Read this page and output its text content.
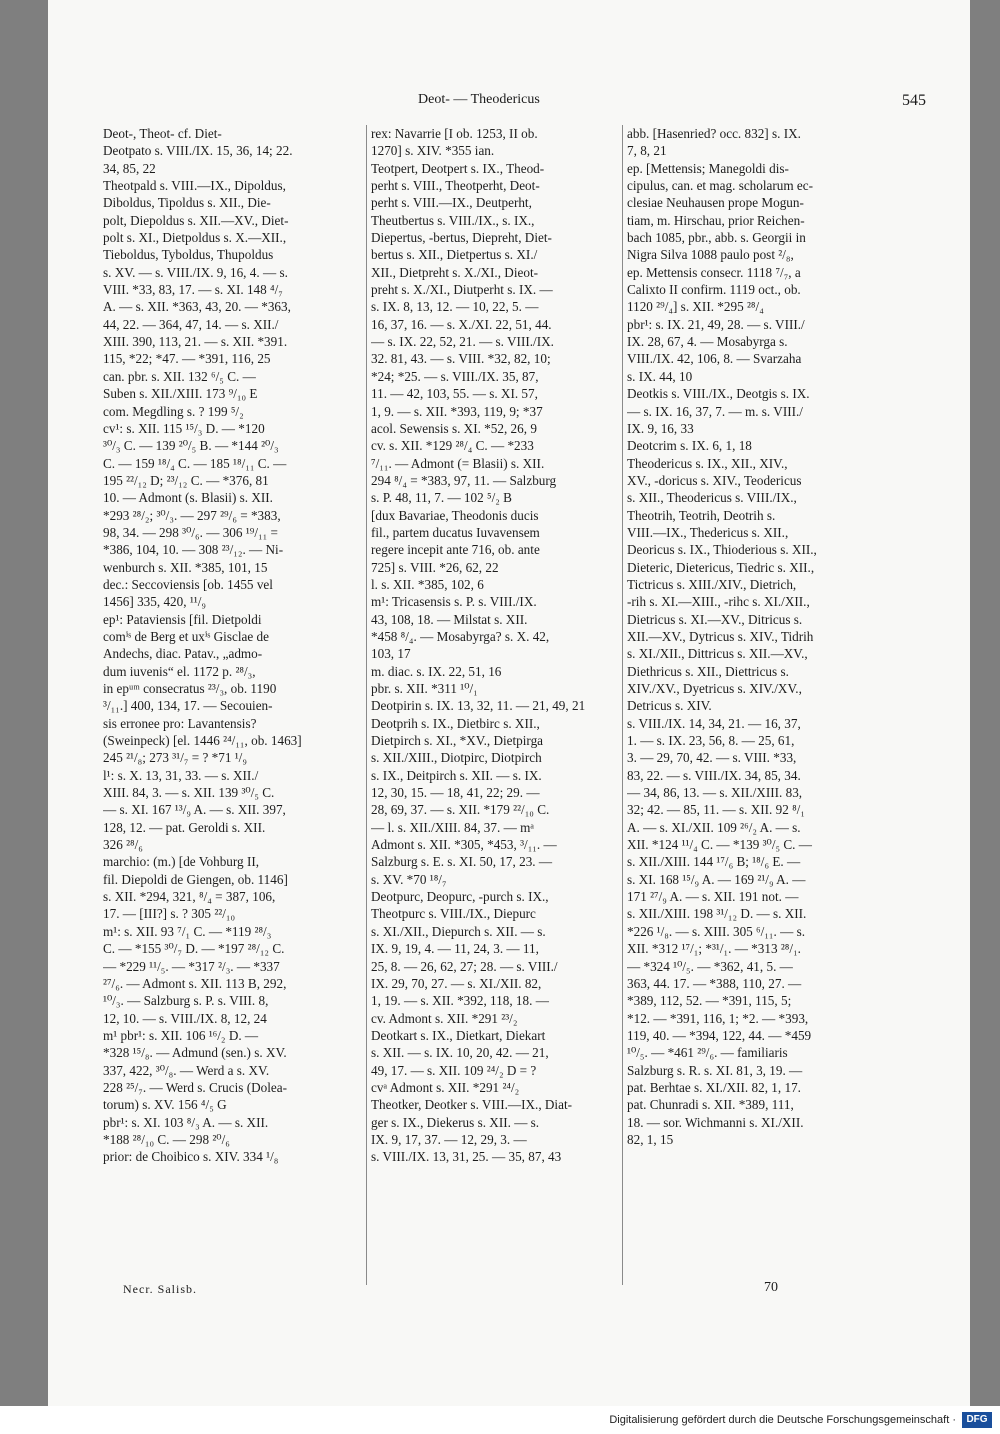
Deot- — Theodericus	545

Deot-, Theot- cf. Diet-

Deotpato s. VIII./IX. 15, 36, 14; 22.

34, 85, 22

Theotpald s. VIII.—IX., Dipoldus,

Diboldus, Tipoldus s. XII., Die-

polt, Diepoldus s. XII.—XV., Diet-

polt s. XI., Dietpoldus s. X.—XII.,

Tieboldus, Tyboldus, Thupoldus

s. XV. — s. VIII./IX. 9, 16, 4. — s.

VIII. *33, 83, 17. — s. XI. 148 ⁴/₇

A. — s. XII. *363, 43, 20. — *363,

44, 22. — 364, 47, 14. — s. XII./

XIII. 390, 113, 21. — s. XII. *391.

115, *22; *47. — *391, 116, 25

can. pbr. s. XII. 132 ⁶/₅ C. —

Suben s. XII./XIII. 173 ⁹/₁₀ E

com. Megdling s. ? 199 ⁵/₂

cv¹: s. XII. 115 ¹⁵/₃ D. — *120

³⁰/₃ C. — 139 ²⁰/₅ B. — *144 ²⁰/₃

C. — 159 ¹⁸/₄ C. — 185 ¹⁸/₁₁ C. —

195 ²²/₁₂ D; ²³/₁₂ C. — *376, 81

10. — Admont (s. Blasii) s. XII.

*293 ²⁸/₂; ³⁰/₃. — 297 ²⁹/₆ = *383,

98, 34. — 298 ³⁰/₆. — 306 ¹⁹/₁₁ =

*386, 104, 10. — 308 ²³/₁₂. — Ni-

wenburch s. XII. *385, 101, 15

dec.: Seccoviensis [ob. 1455 vel

1456] 335, 420, ¹¹/₉

ep¹: Pataviensis [fil. Dietpoldi

comⁱˢ de Berg et uxⁱˢ Gisclae de

Andechs, diac. Patav., „admo-

dum iuvenis“ el. 1172 p. ²⁸/₃,

in epᵘᵐ consecratus ²³/₃, ob. 1190

³/₁₁.] 400, 134, 17. — Secouien-

sis erronee pro: Lavantensis?

(Sweinpeck) [el. 1446 ²⁴/₁₁, ob. 1463]

245 ²¹/₈; 273 ³¹/₇ = ? *71 ¹/₉

l¹: s. X. 13, 31, 33. — s. XII./

XIII. 84, 3. — s. XII. 139 ³⁰/₅ C.

— s. XI. 167 ¹³/₉ A. — s. XII. 397,

128, 12. — pat. Geroldi s. XII.

326 ²⁸/₆

marchio: (m.) [de Vohburg II,

fil. Diepoldi de Giengen, ob. 1146]

s. XII. *294, 321, ⁸/₄ = 387, 106,

17. — [III?] s. ? 305 ²²/₁₀

m¹: s. XII. 93 ⁷/₁ C. — *119 ²⁸/₃

C. — *155 ³⁰/₇ D. — *197 ²⁸/₁₂ C.

— *229 ¹¹/₅. — *317 ²/₃. — *337

²⁷/₆. — Admont s. XII. 113 B, 292,

¹⁰/₃. — Salzburg s. P. s. VIII. 8,

12, 10. — s. VIII./IX. 8, 12, 24

m¹ pbr¹: s. XII. 106 ¹⁶/₂ D. —

*328 ¹⁵/₈. — Admund (sen.) s. XV.

337, 422, ³⁰/₈. — Werd a s. XV.

228 ²⁵/₇. — Werd s. Crucis (Dolea-

torum) s. XV. 156 ⁴/₅ G

pbr¹: s. XI. 103 ⁸/₃ A. — s. XII.

*188 ²⁸/₁₀ C. — 298 ²⁰/₆

prior: de Choibico s. XIV. 334 ¹/₈

rex: Navarrie [I ob. 1253, II ob.

1270] s. XIV. *355 ian.

Teotpert, Deotpert s. IX., Theod-

perht s. VIII., Theotperht, Deot-

perht s. VIII.—IX., Deutperht,

Theutbertus s. VIII./IX., s. IX.,

Diepertus, -bertus, Diepreht, Diet-

bertus s. XII., Dietpertus s. XI./

XII., Dietpreht s. X./XI., Dieot-

preht s. X./XI., Diutperht s. IX. —

s. IX. 8, 13, 12. — 10, 22, 5. —

16, 37, 16. — s. X./XI. 22, 51, 44.

— s. IX. 22, 52, 21. — s. VIII./IX.

32. 81, 43. — s. VIII. *32, 82, 10;

*24; *25. — s. VIII./IX. 35, 87,

11. — 42, 103, 55. — s. XI. 57,

1, 9. — s. XII. *393, 119, 9; *37

acol. Sewensis s. XI. *52, 26, 9

cv. s. XII. *129 ²⁸/₄ C. — *233

⁷/₁₁. — Admont (= Blasii) s. XII.

294 ⁸/₄ = *383, 97, 11. — Salzburg

s. P. 48, 11, 7. — 102 ⁵/₂ B

[dux Bavariae, Theodonis ducis

fil., partem ducatus Iuvavensem

regere incepit ante 716, ob. ante

725] s. VIII. *26, 62, 22

l. s. XII. *385, 102, 6

m¹: Tricasensis s. P. s. VIII./IX.

43, 108, 18. — Milstat s. XII.

*458 ⁸/₄. — Mosabyrga? s. X. 42,

103, 17

m. diac. s. IX. 22, 51, 16

pbr. s. XII. *311 ¹⁰/₁

Deotpirin s. IX. 13, 32, 11. — 21, 49, 21

Deotprih s. IX., Dietbirc s. XII.,

Dietpirch s. XI., *XV., Dietpirga

s. XII./XIII., Diotpirc, Diotpirch

s. IX., Deitpirch s. XII. — s. IX.

12, 30, 15. — 18, 41, 22; 29. —

28, 69, 37. — s. XII. *179 ²²/₁₀ C.

— l. s. XII./XIII. 84, 37. — mᵃ

Admont s. XII. *305, *453, ³/₁₁. —

Salzburg s. E. s. XI. 50, 17, 23. —

s. XV. *70 ¹⁸/₇

Deotpurc, Deopurc, -purch s. IX.,

Theotpurc s. VIII./IX., Diepurc

s. XI./XII., Diepurch s. XII. — s.

IX. 9, 19, 4. — 11, 24, 3. — 11,

25, 8. — 26, 62, 27; 28. — s. VIII./

IX. 29, 70, 27. — s. XI./XII. 82,

1, 19. — s. XII. *392, 118, 18. —

cv. Admont s. XII. *291 ²³/₂

Deotkart s. IX., Dietkart, Diekart

s. XII. — s. IX. 10, 20, 42. — 21,

49, 17. — s. XII. 109 ²⁴/₂ D = ?

cvᵃ Admont s. XII. *291 ²⁴/₂

Theotker, Deotker s. VIII.—IX., Diat-

ger s. IX., Diekerus s. XII. — s.

IX. 9, 17, 37. — 12, 29, 3. —

s. VIII./IX. 13, 31, 25. — 35, 87, 43

abb. [Hasenried? occ. 832] s. IX.

7, 8, 21

ep. [Mettensis; Manegoldi dis-

cipulus, can. et mag. scholarum ec-

clesiae Neuhausen prope Mogun-

tiam, m. Hirschau, prior Reichen-

bach 1085, pbr., abb. s. Georgii in

Nigra Silva 1088 paulo post ²/₈,

ep. Mettensis consecr. 1118 ⁷/₇, a

Calixto II confirm. 1119 oct., ob.

1120 ²⁹/₄] s. XII. *295 ²⁸/₄

pbr¹: s. IX. 21, 49, 28. — s. VIII./

IX. 28, 67, 4. — Mosabyrga s.

VIII./IX. 42, 106, 8. — Svarzaha

s. IX. 44, 10

Deotkis s. VIII./IX., Deotgis s. IX.

— s. IX. 16, 37, 7. — m. s. VIII./

IX. 9, 16, 33

Deotcrim s. IX. 6, 1, 18

Theodericus s. IX., XII., XIV.,

XV., -doricus s. XIV., Teodericus

s. XII., Theodericus s. VIII./IX.,

Theotrih, Teotrih, Deotrih s.

VIII.—IX., Thedericus s. XII.,

Deoricus s. IX., Thioderious s. XII.,

Dieteric, Dietericus, Tiedric s. XII.,

Tictricus s. XIII./XIV., Dietrich,

-rih s. XI.—XIII., -rihc s. XI./XII.,

Dietricus s. XI.—XV., Ditricus s.

XII.—XV., Dytricus s. XIV., Tidrih

s. XI./XII., Dittricus s. XII.—XV.,

Diethricus s. XII., Diettricus s.

XIV./XV., Dyetricus s. XIV./XV.,

Detricus s. XIV.

s. VIII./IX. 14, 34, 21. — 16, 37,

1. — s. IX. 23, 56, 8. — 25, 61,

3. — 29, 70, 42. — s. VIII. *33,

83, 22. — s. VIII./IX. 34, 85, 34.

— 34, 86, 13. — s. XII./XIII. 83,

32; 42. — 85, 11. — s. XII. 92 ⁸/₁

A. — s. XI./XII. 109 ²⁶/₂ A. — s.

XII. *124 ¹¹/₄ C. — *139 ³⁰/₅ C. —

s. XII./XIII. 144 ¹⁷/₆ B; ¹⁸/₆ E. —

s. XI. 168 ¹⁵/₉ A. — 169 ²¹/₉ A. —

171 ²⁷/₉ A. — s. XII. 191 not. —

s. XII./XIII. 198 ³¹/₁₂ D. — s. XII.

*226 ¹/₈. — s. XIII. 305 ⁶/₁₁. — s.

XII. *312 ¹⁷/₁; *³¹/₁. — *313 ²⁸/₁.

— *324 ¹⁰/₅. — *362, 41, 5. —

363, 44. 17. — *388, 110, 27. —

*389, 112, 52. — *391, 115, 5;

*12. — *391, 116, 1; *2. — *393,

119, 40. — *394, 122, 44. — *459

¹⁰/₅. — *461 ²⁹/₆. — familiaris

Salzburg s. R. s. XI. 81, 3, 19. —

pat. Berhtae s. XI./XII. 82, 1, 17.

pat. Chunradi s. XII. *389, 111,

18. — sor. Wichmanni s. XI./XII.

82, 1, 15

Necr. Salisb.	70
Digitalisierung gefördert durch die Deutsche Forschungsgemeinschaft ·	DFG
